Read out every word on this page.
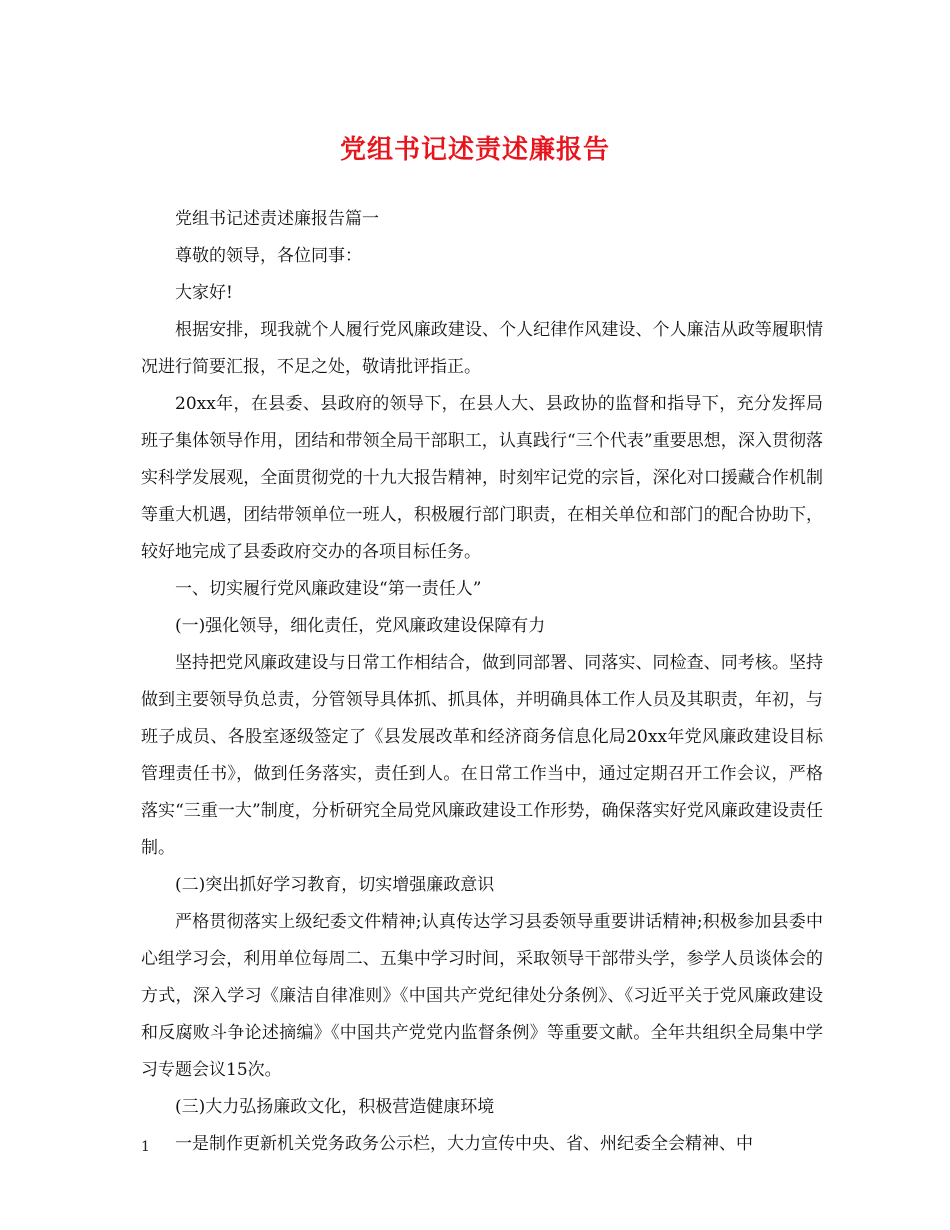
党组书记述责述廉报告

党组书记述责述廉报告篇一

尊敬的领导，各位同事：

大家好!

根据安排，现我就个人履行党风廉政建设、个人纪律作风建设、个人廉洁从政等履职情况进行简要汇报，不足之处，敬请批评指正。

20xx年，在县委、县政府的领导下，在县人大、县政协的监督和指导下，充分发挥局班子集体领导作用，团结和带领全局干部职工，认真践行“三个代表”重要思想，深入贯彻落实科学发展观，全面贯彻党的十九大报告精神，时刻牢记党的宗旨，深化对口援藏合作机制等重大机遇，团结带领单位一班人，积极履行部门职责，在相关单位和部门的配合协助下，较好地完成了县委政府交办的各项目标任务。

一、切实履行党风廉政建设“第一责任人”

(一)强化领导，细化责任，党风廉政建设保障有力

坚持把党风廉政建设与日常工作相结合，做到同部署、同落实、同检查、同考核。坚持做到主要领导负总责，分管领导具体抓、抓具体，并明确具体工作人员及其职责，年初，与班子成员、各股室逐级签定了《县发展改革和经济商务信息化局20xx年党风廉政建设目标管理责任书》，做到任务落实，责任到人。在日常工作当中，通过定期召开工作会议，严格落实“三重一大”制度，分析研究全局党风廉政建设工作形势，确保落实好党风廉政建设责任制。

(二)突出抓好学习教育，切实增强廉政意识

严格贯彻落实上级纪委文件精神;认真传达学习县委领导重要讲话精神;积极参加县委中心组学习会，利用单位每周二、五集中学习时间，采取领导干部带头学，参学人员谈体会的方式，深入学习《廉洁自律准则》《中国共产党纪律处分条例》、《习近平关于党风廉政建设和反腐败斗争论述摘编》《中国共产党党内监督条例》等重要文献。全年共组织全局集中学习专题会议15次。

(三)大力弘扬廉政文化，积极营造健康环境

一是制作更新机关党务政务公示栏，大力宣传中央、省、州纪委全会精神、中

1
